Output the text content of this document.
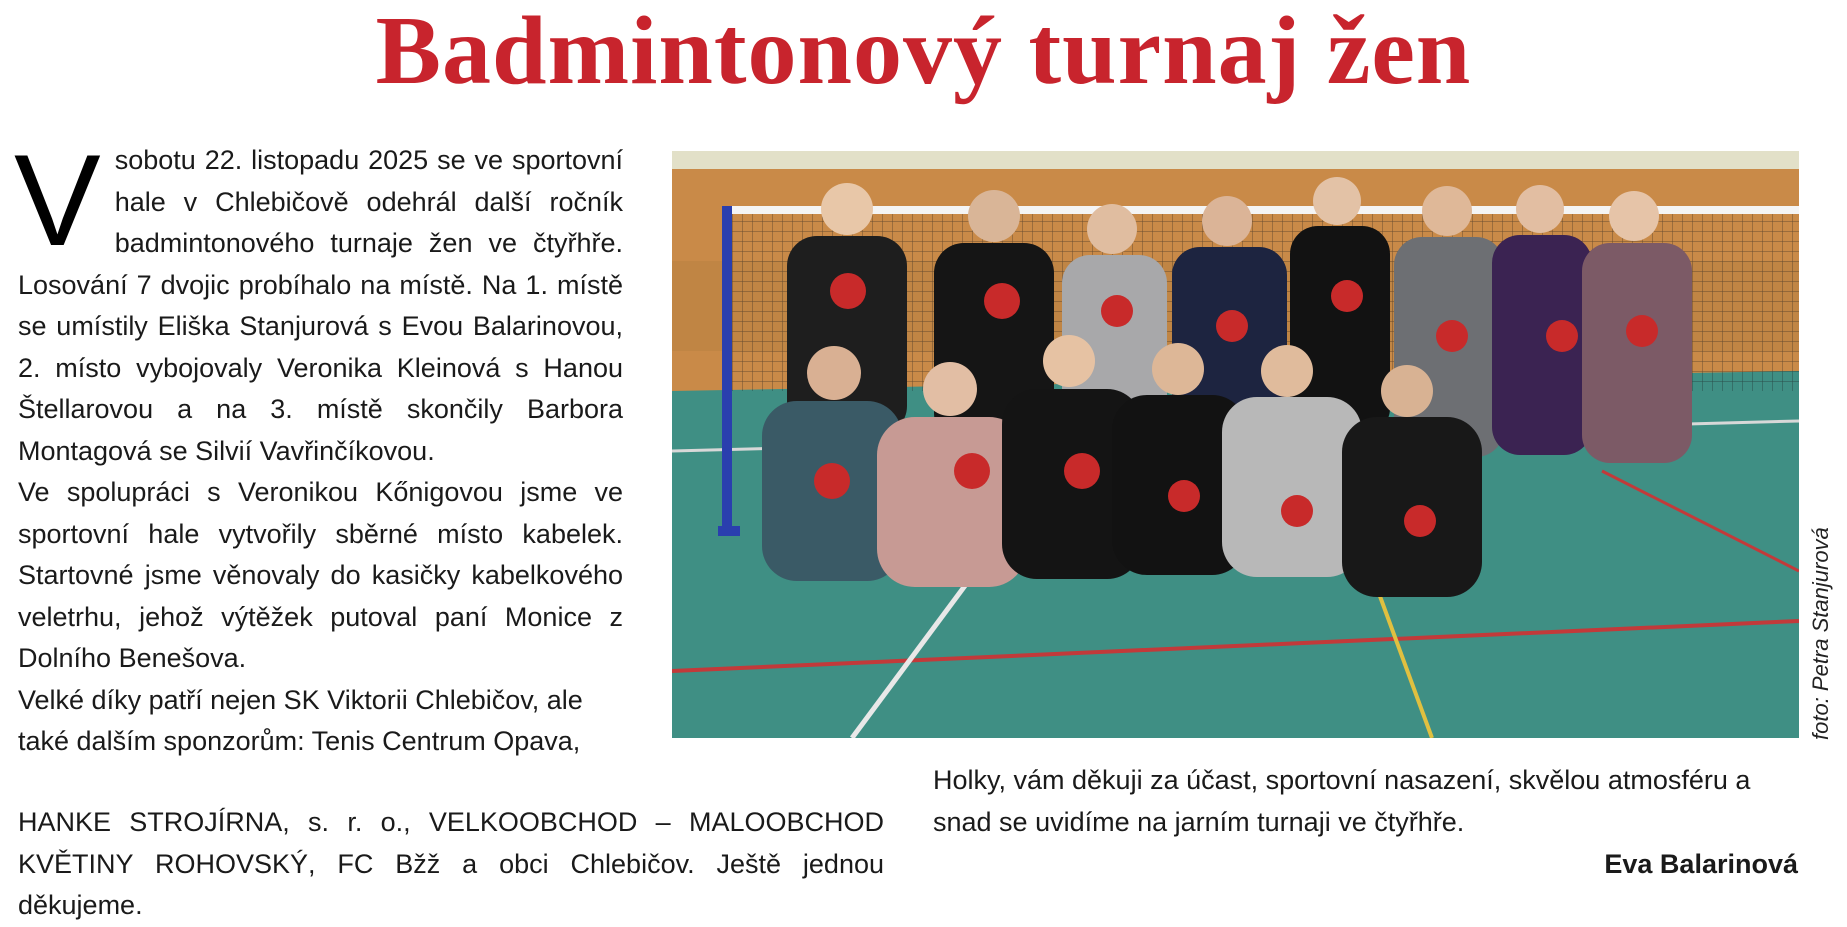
Badmintonový turnaj žen

Vsobotu 22. listopadu 2025 se ve sportovní hale v Chlebičově odehrál další ročník badmintonového turnaje žen ve čtyřhře. Losování 7 dvojic probíhalo na místě. Na 1. místě se umístily Eliška Stanjurová s Evou Balarinovou, 2. místo vybojovaly Veronika Kleinová s Hanou Štellarovou a na 3. místě skončily Barbora Montagová se Silvií Vavřinčíkovou.

Ve spolupráci s Veronikou Kőnigovou jsme ve sportovní hale vytvořily sběrné místo kabelek. Startovné jsme věnovaly do kasičky kabelkového veletrhu, jehož výtěžek putoval paní Monice z Dolního Benešova.

Velké díky patří nejen SK Viktorii Chlebičov, ale také dalším sponzorům: Tenis Centrum Opava,

HANKE STROJÍRNA, s. r. o., VELKOOBCHOD – MALOOBCHOD KVĚTINY ROHOVSKÝ, FC Bžž a obci Chlebičov. Ještě jednou děkujeme.

Holky, vám děkuji za účast, sportovní nasazení, skvělou atmosféru a snad se uvidíme na jarním turnaji ve čtyřhře.

Eva Balarinová

foto: Petra Stanjurová
